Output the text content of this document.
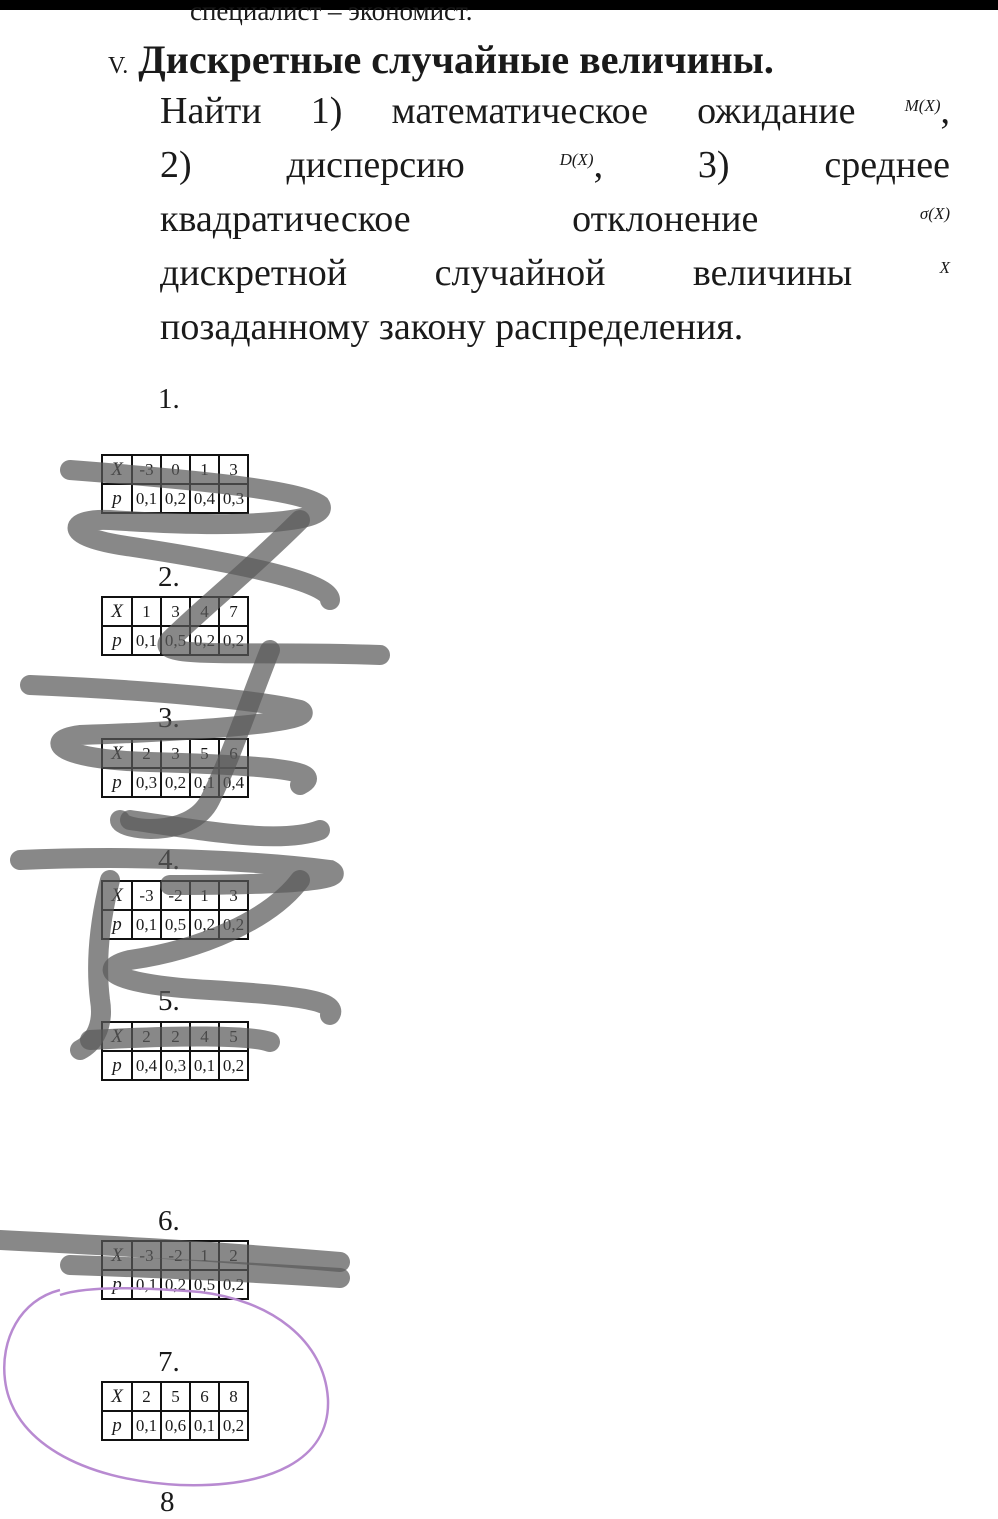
специалист – экономист.
V. Дискретные случайные величины.
Найти 1) математическое ожидание	$^{M(X)}$,
2) дисперсию	$^{D(X)}$, 3) среднее
квадратическое	отклонение	σ(X)
дискретной случайной величины	X
позаданному закону распределения.
1.
X	-3	0	1	3
p	0,1	0,2	0,4	0,3
2.
X	1	3	4	7
p	0,1	0,5	0,2	0,2
3.
X	2	3	5	6
p	0,3	0,2	0,1	0,4
4.
X	-3	-2	1	3
p	0,1	0,5	0,2	0,2
5.
X	2	2	4	5
p	0,4	0,3	0,1	0,2
6.
X	-3	-2	1	2
p	0,1	0,2	0,5	0,2
7.
X	2	5	6	8
p	0,1	0,6	0,1	0,2
8
